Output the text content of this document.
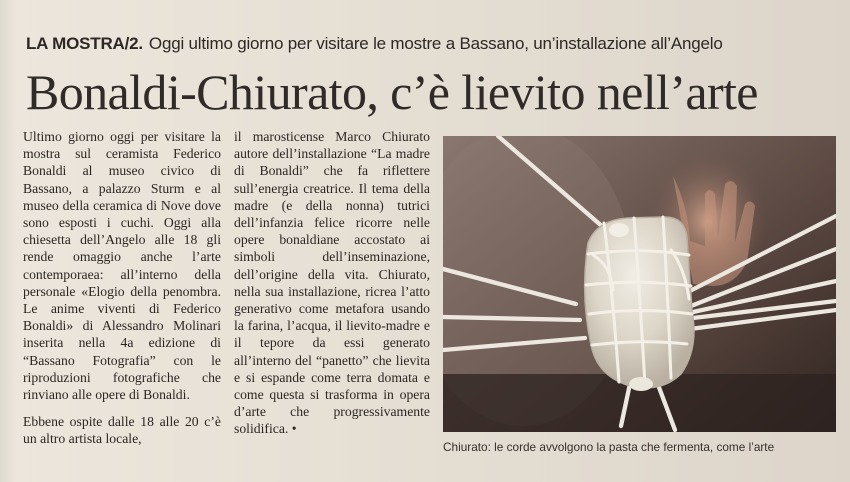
LA MOSTRA/2. Oggi ultimo giorno per visitare le mostre a Bassano, un’installazione all’Angelo
Bonaldi-Chiurato, c’è lievito nell’arte

Ultimo giorno oggi per visitare la mostra sul ceramista Federico Bonaldi al museo civico di Bassano, a palazzo Sturm e al museo della ceramica di Nove dove sono esposti i cuchi. Oggi alla chiesetta dell’Angelo alle 18 gli rende omaggio anche l’arte contemporaea: all’interno della personale «Elogio della penombra. Le anime viventi di Federico Bonaldi» di Alessandro Molinari inserita nella 4a edizione di “Bassano Fotografia” con le riproduzioni fotografiche che rinviano alle opere di Bonaldi.

Ebbene ospite dalle 18 alle 20 c’è un altro artista locale,

il marosticense Marco Chiurato autore dell’installazione “La madre di Bonaldi” che fa riflettere sull’energia creatrice. Il tema della madre (e della nonna) tutrici dell’infanzia felice ricorre nelle opere bonaldiane accostato ai simboli dell’inseminazione, dell’origine della vita. Chiurato, nella sua installazione, ricrea l’atto generativo come metafora usando la farina, l’acqua, il lievito-madre e il tepore da essi generato all’interno del “panetto” che lievita e si espande come terra domata e come questa si trasforma in opera d’arte che progressivamente solidifica. •

Chiurato: le corde avvolgono la pasta che fermenta, come l’arte
